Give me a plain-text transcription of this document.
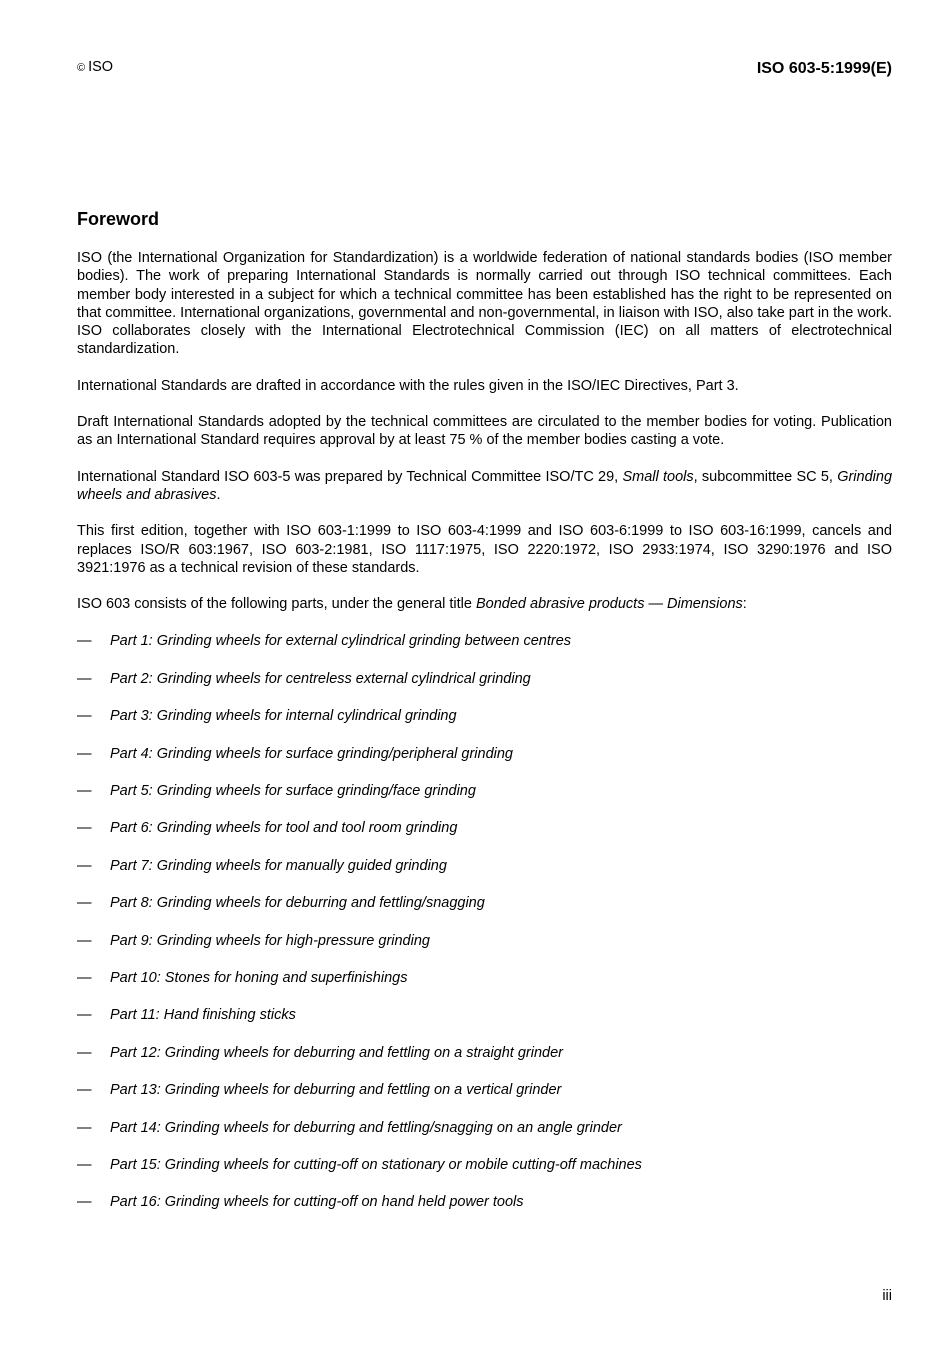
© ISO	ISO 603-5:1999(E)
Foreword

ISO (the International Organization for Standardization) is a worldwide federation of national standards bodies (ISO member bodies). The work of preparing International Standards is normally carried out through ISO technical committees. Each member body interested in a subject for which a technical committee has been established has the right to be represented on that committee. International organizations, governmental and non-governmental, in liaison with ISO, also take part in the work. ISO collaborates closely with the International Electrotechnical Commission (IEC) on all matters of electrotechnical standardization.

International Standards are drafted in accordance with the rules given in the ISO/IEC Directives, Part 3.

Draft International Standards adopted by the technical committees are circulated to the member bodies for voting. Publication as an International Standard requires approval by at least 75 % of the member bodies casting a vote.

International Standard ISO 603-5 was prepared by Technical Committee ISO/TC 29, Small tools, subcommittee SC 5, Grinding wheels and abrasives.

This first edition, together with ISO 603-1:1999 to ISO 603-4:1999 and ISO 603-6:1999 to ISO 603-16:1999, cancels and replaces ISO/R 603:1967, ISO 603-2:1981, ISO 1117:1975, ISO 2220:1972, ISO 2933:1974, ISO 3290:1976 and ISO 3921:1976 as a technical revision of these standards.

ISO 603 consists of the following parts, under the general title Bonded abrasive products — Dimensions:

— Part 1: Grinding wheels for external cylindrical grinding between centres
— Part 2: Grinding wheels for centreless external cylindrical grinding
— Part 3: Grinding wheels for internal cylindrical grinding
— Part 4: Grinding wheels for surface grinding/peripheral grinding
— Part 5: Grinding wheels for surface grinding/face grinding
— Part 6: Grinding wheels for tool and tool room grinding
— Part 7: Grinding wheels for manually guided grinding
— Part 8: Grinding wheels for deburring and fettling/snagging
— Part 9: Grinding wheels for high-pressure grinding
— Part 10: Stones for honing and superfinishings
— Part 11: Hand finishing sticks
— Part 12: Grinding wheels for deburring and fettling on a straight grinder
— Part 13: Grinding wheels for deburring and fettling on a vertical grinder
— Part 14: Grinding wheels for deburring and fettling/snagging on an angle grinder
— Part 15: Grinding wheels for cutting-off on stationary or mobile cutting-off machines
— Part 16: Grinding wheels for cutting-off on hand held power tools
iii
